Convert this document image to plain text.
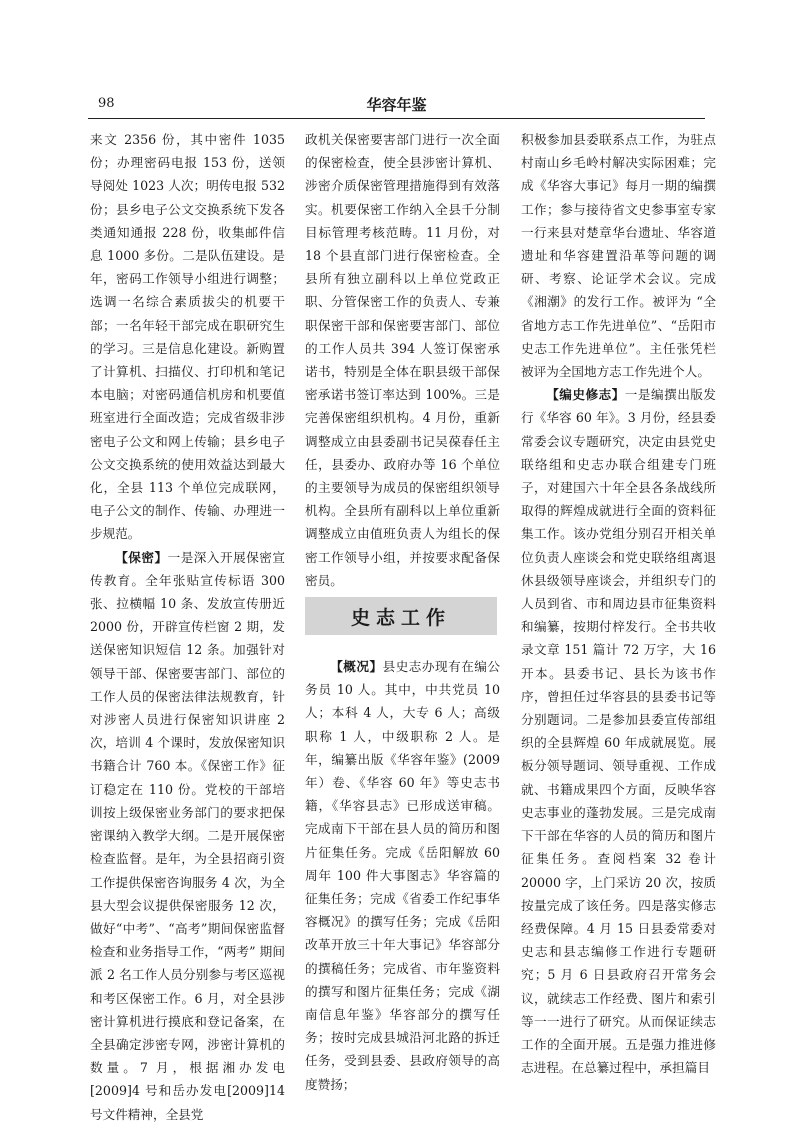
98	华容年鉴

来文 2356 份，其中密件 1035 份；办理密码电报 153 份，送领导阅处 1023 人次；明传电报 532 份；县乡电子公文交换系统下发各类通知通报 228 份，收集邮件信息 1000 多份。二是队伍建设。是年，密码工作领导小组进行调整；选调一名综合素质拔尖的机要干部；一名年轻干部完成在职研究生的学习。三是信息化建设。新购置了计算机、扫描仪、打印机和笔记本电脑；对密码通信机房和机要值班室进行全面改造；完成省级非涉密电子公文和网上传输；县乡电子公文交换系统的使用效益达到最大化，全县 113 个单位完成联网，电子公文的制作、传输、办理进一步规范。

【保密】一是深入开展保密宣传教育。全年张贴宣传标语 300 张、拉横幅 10 条、发放宣传册近 2000 份，开辟宣传栏窗 2 期，发送保密知识短信 12 条。加强针对领导干部、保密要害部门、部位的工作人员的保密法律法规教育，针对涉密人员进行保密知识讲座 2 次，培训 4 个课时，发放保密知识书籍合计 760 本。《保密工作》征订稳定在 110 份。党校的干部培训按上级保密业务部门的要求把保密课纳入教学大纲。二是开展保密检查监督。是年，为全县招商引资工作提供保密咨询服务 4 次，为全县大型会议提供保密服务 12 次，做好“中考”、“高考”期间保密监督检查和业务指导工作，“两考” 期间派 2 名工作人员分别参与考区巡视和考区保密工作。6 月，对全县涉密计算机进行摸底和登记备案，在全县确定涉密专网，涉密计算机的数量。7 月，根据湘办发电 [2009]4 号和岳办发电[2009]14 号文件精神，全县党

政机关保密要害部门进行一次全面的保密检查，使全县涉密计算机、涉密介质保密管理措施得到有效落实。机要保密工作纳入全县千分制目标管理考核范畴。11 月份，对 18 个县直部门进行保密检查。全县所有独立副科以上单位党政正职、分管保密工作的负责人、专兼职保密干部和保密要害部门、部位的工作人员共 394 人签订保密承诺书，特别是全体在职县级干部保密承诺书签订率达到 100%。三是完善保密组织机构。4 月份，重新调整成立由县委副书记吴葆春任主任，县委办、政府办等 16 个单位的主要领导为成员的保密组织领导机构。全县所有副科以上单位重新调整成立由值班负责人为组长的保密工作领导小组，并按要求配备保密员。

史志工作

【概况】县史志办现有在编公务员 10 人。其中，中共党员 10 人；本科 4 人，大专 6 人；高级职称 1 人，中级职称 2 人。是年，编纂出版《华容年鉴》(2009 年）卷、《华容 60 年》等史志书籍，《华容县志》已形成送审稿。完成南下干部在县人员的简历和图片征集任务。完成《岳阳解放 60 周年 100 件大事图志》华容篇的征集任务；完成《省委工作纪事华容概况》的撰写任务；完成《岳阳改革开放三十年大事记》华容部分的撰稿任务；完成省、市年鉴资料的撰写和图片征集任务；完成《湖南信息年鉴》华容部分的撰写任务；按时完成县城沿河北路的拆迁任务，受到县委、县政府领导的高度赞扬；

积极参加县委联系点工作，为驻点村南山乡毛岭村解决实际困难；完成《华容大事记》每月一期的编撰工作；参与接待省文史参事室专家一行来县对楚章华台遗址、华容道遗址和华容建置沿革等问题的调研、考察、论证学术会议。完成《湘潮》的发行工作。被评为 “全省地方志工作先进单位”、“岳阳市史志工作先进单位”。主任张凭栏被评为全国地方志工作先进个人。

【编史修志】一是编撰出版发行《华容 60 年》。3 月份，经县委常委会议专题研究，决定由县党史联络组和史志办联合组建专门班子，对建国六十年全县各条战线所取得的辉煌成就进行全面的资料征集工作。该办党组分别召开相关单位负责人座谈会和党史联络组离退休县级领导座谈会，并组织专门的人员到省、市和周边县市征集资料和编纂，按期付梓发行。全书共收录文章 151 篇计 72 万字，大 16 开本。县委书记、县长为该书作序，曾担任过华容县的县委书记等分别题词。二是参加县委宣传部组织的全县辉煌 60 年成就展览。展板分领导题词、领导重视、工作成就、书籍成果四个方面，反映华容史志事业的蓬勃发展。三是完成南下干部在华容的人员的简历和图片征集任务。查阅档案 32 卷计 20000 字，上门采访 20 次，按质按量完成了该任务。四是落实修志经费保障。4 月 15 日县委常委对史志和县志编修工作进行专题研究；5 月 6 日县政府召开常务会议，就续志工作经费、图片和索引等一一进行了研究。从而保证续志工作的全面开展。五是强力推进修志进程。在总纂过程中，承担篇目
